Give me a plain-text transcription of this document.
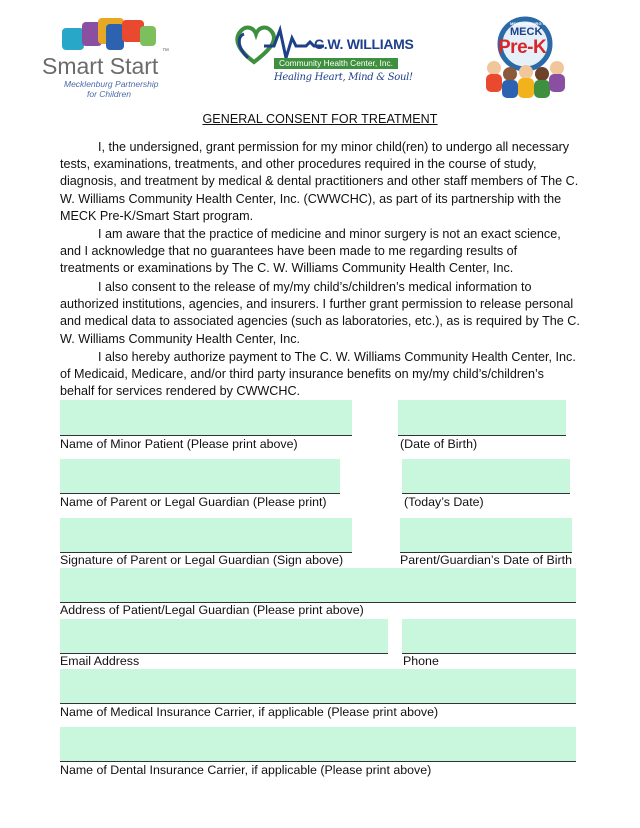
Smart Start
™
Mecklenburg Partnership
for Children
C.W. WILLIAMS
Community Health Center, Inc.
Healing Heart, Mind & Soul!
MECKLENBURG COUNTY
MECK
Pre-K
GENERAL CONSENT FOR TREATMENT
I, the undersigned, grant permission for my minor child(ren) to undergo all necessary tests, examinations, treatments, and other procedures required in the course of study, diagnosis, and treatment by medical & dental practitioners and other staff members of The C. W. Williams Community Health Center, Inc. (CWWCHC), as part of its partnership with the MECK Pre-K/Smart Start program.
I am aware that the practice of medicine and minor surgery is not an exact science, and I acknowledge that no guarantees have been made to me regarding results of treatments or examinations by The C. W. Williams Community Health Center, Inc.
I also consent to the release of my/my child’s/children’s medical information to authorized institutions, agencies, and insurers. I further grant permission to release personal and medical data to associated agencies (such as laboratories, etc.), as is required by The C. W. Williams Community Health Center, Inc.
I also hereby authorize payment to The C. W. Williams Community Health Center, Inc. of Medicaid, Medicare, and/or third party insurance benefits on my/my child’s/children’s behalf for services rendered by CWWCHC.
Name of Minor Patient (Please print above)	(Date of Birth)
Name of Parent or Legal Guardian (Please print)	(Today’s Date)
Signature of Parent or Legal Guardian (Sign above)	Parent/Guardian’s Date of Birth
Address of Patient/Legal Guardian (Please print above)
Email Address	Phone
Name of Medical Insurance Carrier, if applicable (Please print above)
Name of Dental Insurance Carrier, if applicable (Please print above)
